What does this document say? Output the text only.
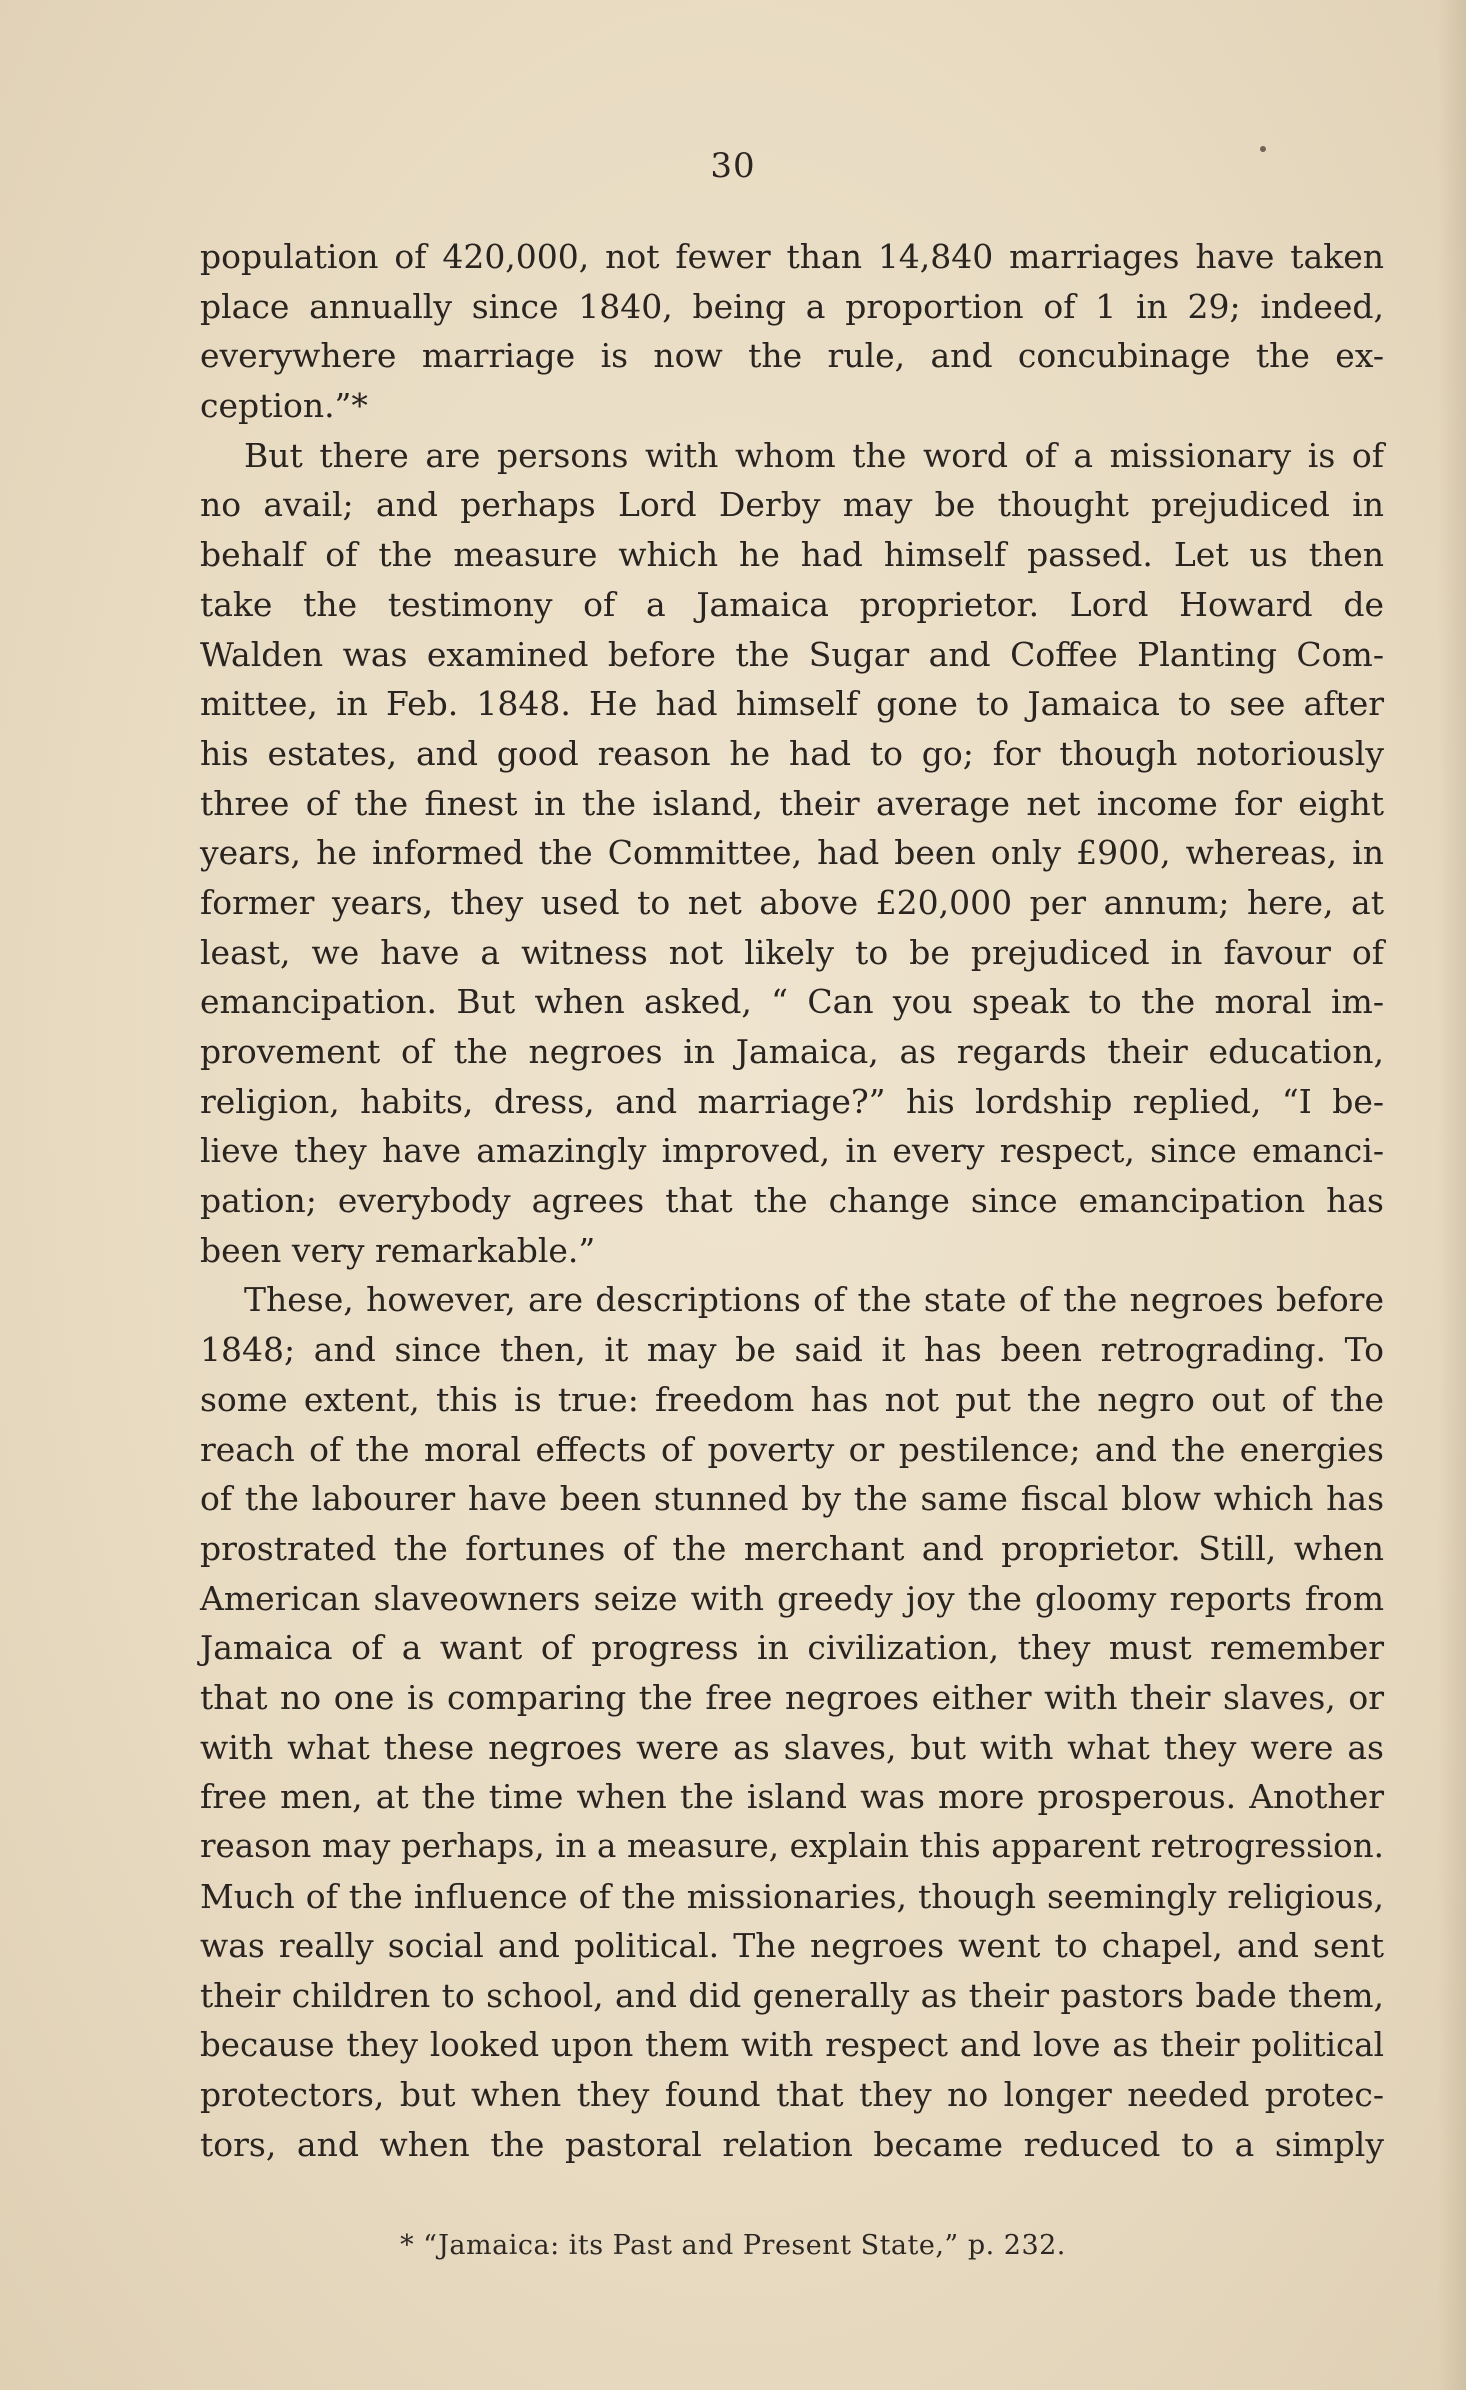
30
population of 420,000, not fewer than 14,840 marriages have taken
place annually since 1840, being a proportion of 1 in 29; indeed,
everywhere marriage is now the rule, and concubinage the ex-
ception.”*
But there are persons with whom the word of a missionary is of
no avail; and perhaps Lord Derby may be thought prejudiced in
behalf of the measure which he had himself passed. Let us then
take the testimony of a Jamaica proprietor. Lord Howard de
Walden was examined before the Sugar and Coffee Planting Com-
mittee, in Feb. 1848. He had himself gone to Jamaica to see after
his estates, and good reason he had to go; for though notoriously
three of the finest in the island, their average net income for eight
years, he informed the Committee, had been only £900, whereas, in
former years, they used to net above £20,000 per annum; here, at
least, we have a witness not likely to be prejudiced in favour of
emancipation. But when asked, “ Can you speak to the moral im-
provement of the negroes in Jamaica, as regards their education,
religion, habits, dress, and marriage?” his lordship replied, “I be-
lieve they have amazingly improved, in every respect, since emanci-
pation; everybody agrees that the change since emancipation has
been very remarkable.”
These, however, are descriptions of the state of the negroes before
1848; and since then, it may be said it has been retrograding. To
some extent, this is true: freedom has not put the negro out of the
reach of the moral effects of poverty or pestilence; and the energies
of the labourer have been stunned by the same fiscal blow which has
prostrated the fortunes of the merchant and proprietor. Still, when
American slaveowners seize with greedy joy the gloomy reports from
Jamaica of a want of progress in civilization, they must remember
that no one is comparing the free negroes either with their slaves, or
with what these negroes were as slaves, but with what they were as
free men, at the time when the island was more prosperous. Another
reason may perhaps, in a measure, explain this apparent retrogression.
Much of the influence of the missionaries, though seemingly religious,
was really social and political. The negroes went to chapel, and sent
their children to school, and did generally as their pastors bade them,
because they looked upon them with respect and love as their political
protectors, but when they found that they no longer needed protec-
tors, and when the pastoral relation became reduced to a simply
* “Jamaica: its Past and Present State,” p. 232.
